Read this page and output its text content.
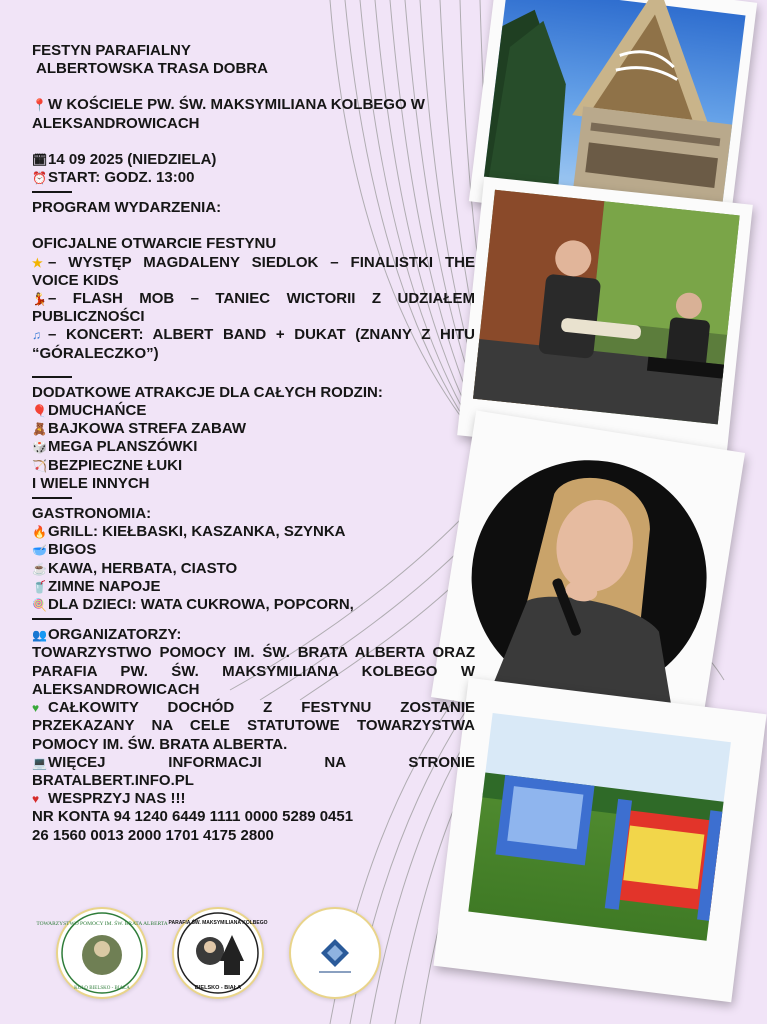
TOWARZYSTWO POMOCY IM. ŚW. BRATA ALBERTA
KOŁO BIELSKO - BIAŁA
PARAFIA ŚW. MAKSYMILIANA KOLBEGO
BIELSKO - BIAŁA

FESTYN PARAFIALNY

ALBERTOWSKA TRASA DOBRA

📍W KOŚCIELE PW. ŚW. MAKSYMILIANA KOLBEGO W ALEKSANDROWICACH

🗓14 09 2025 (NIEDZIELA)

⏰START: GODZ. 13:00

PROGRAM WYDARZENIA:

OFICJALNE OTWARCIE FESTYNU

★ – WYSTĘP MAGDALENY SIEDLOK – FINALISTKI THE VOICE KIDS

💃– FLASH MOB – TANIEC WICTORII Z UDZIAŁEM PUBLICZNOŚCI

♫ – KONCERT: ALBERT BAND + DUKAT (ZNANY Z HITU “GÓRALECZKO”)

DODATKOWE ATRAKCJE DLA CAŁYCH RODZIN:

🎈DMUCHAŃCE

🧸BAJKOWA STREFA ZABAW

🎲MEGA PLANSZÓWKI

🏹BEZPIECZNE ŁUKI

I WIELE INNYCH

GASTRONOMIA:

🔥GRILL: KIEŁBASKI, KASZANKA, SZYNKA

🥣BIGOS

☕KAWA, HERBATA, CIASTO

🥤ZIMNE NAPOJE

🍭DLA DZIECI: WATA CUKROWA, POPCORN,

👥ORGANIZATORZY:

TOWARZYSTWO POMOCY IM. ŚW. BRATA ALBERTA ORAZ PARAFIA PW. ŚW. MAKSYMILIANA KOLBEGO W ALEKSANDROWICACH

♥ CAŁKOWITY DOCHÓD Z FESTYNU ZOSTANIE PRZEKAZANY NA CELE STATUTOWE TOWARZYSTWA POMOCY IM. ŚW. BRATA ALBERTA.

💻WIĘCEJ INFORMACJI NA STRONIE

BRATALBERT.INFO.PL

♥ WESPRZYJ NAS !!!

NR KONTA 94 1240 6449 1111 0000 5289 0451

26 1560 0013 2000 1701 4175 2800
